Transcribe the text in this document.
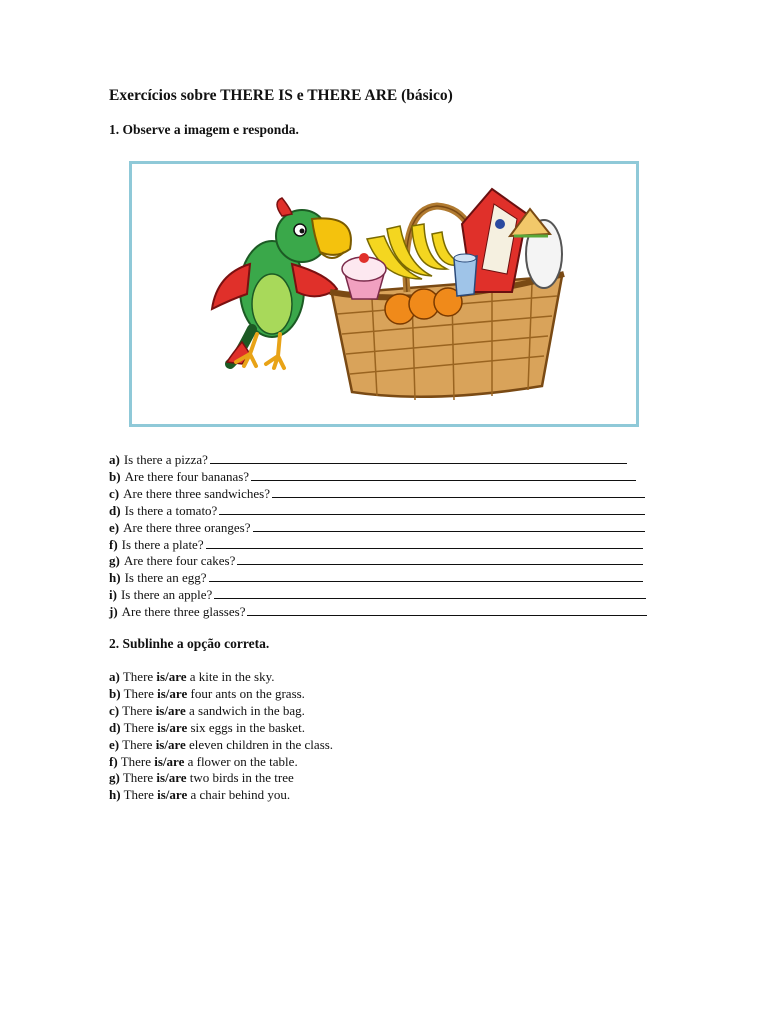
Exercícios sobre THERE IS e THERE ARE (básico)
1. Observe a imagem e responda.
a) Is there a pizza?
b) Are there four bananas?
c) Are there three sandwiches?
d) Is there a tomato?
e) Are there three oranges?
f) Is there a plate?
g) Are there four cakes?
h) Is there an egg?
i) Is there an apple?
j) Are there three glasses?
2. Sublinhe a opção correta.
a) There is/are a kite in the sky.
b) There is/are four ants on the grass.
c) There is/are a sandwich in the bag.
d) There is/are six eggs in the basket.
e) There is/are eleven children in the class.
f) There is/are a flower on the table.
g) There is/are two birds in the tree
h) There is/are a chair behind you.
